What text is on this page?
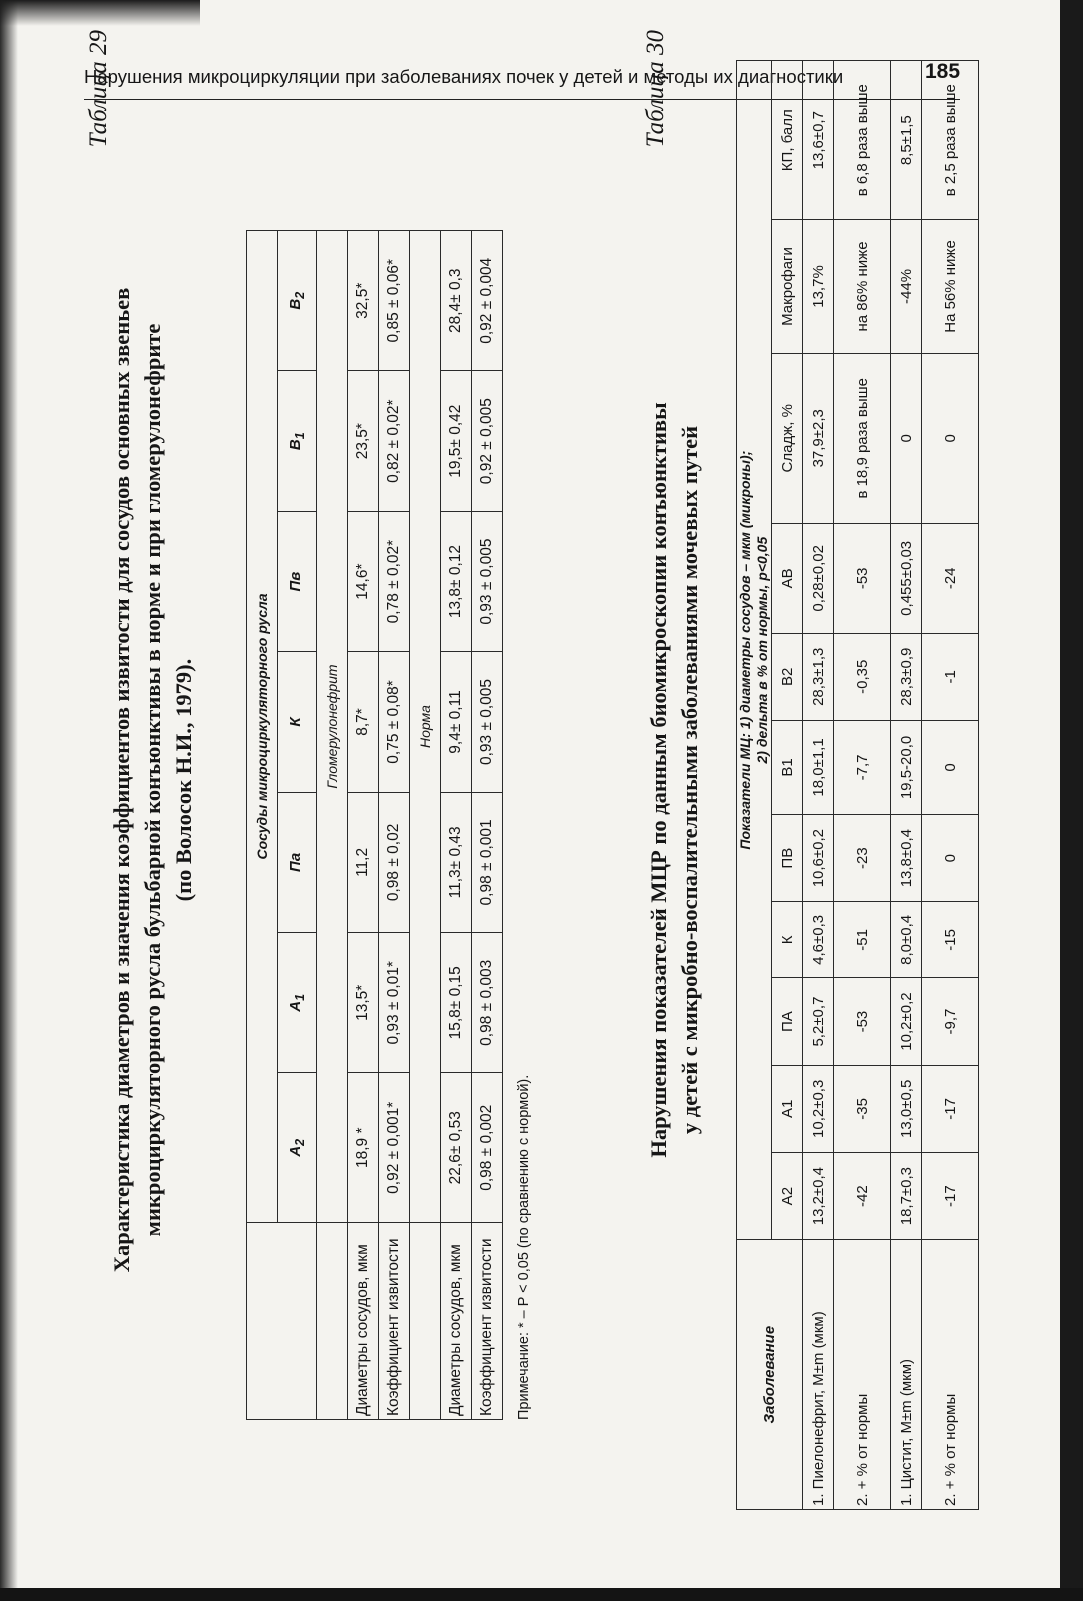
Нарушения микроциркуляции при заболеваниях почек у детей и методы их диагностики	185
Таблица 29
Характеристика диаметров и значения коэффициентов извитости для сосудов основных звеньев микроциркуляторного русла бульбарной конъюнктивы в норме и при гломерулонефрите (по Волосок Н.И., 1979).
		Сосуды микроциркуляторного русла						
	$A_2$	$A_1$	Па	К	Пв	$B_1$	$B_2$
	Гломерулонефрит						
Диаметры сосудов, мкм	18,9 *	13,5*	11,2	8,7*	14,6*	23,5*	32,5*
Коэффициент извитости	0,92 ± 0,001*	0,93 ± 0,01*	0,98 ± 0,02	0,75 ± 0,08*	0,78 ± 0,02*	0,82 ± 0,02*	0,85 ± 0,06*
	Норма						
Диаметры сосудов, мкм	22,6± 0,53	15,8± 0,15	11,3± 0,43	9,4± 0,11	13,8± 0,12	19,5± 0,42	28,4± 0,3
Коэффициент извитости	0,98 ± 0,002	0,98 ± 0,003	0,98 ± 0,001	0,93 ± 0,005	0,93 ± 0,005	0,92 ± 0,005	0,92 ± 0,004
Примечание: * – P < 0,05 (по сравнению с нормой).
Таблица 30
Нарушения показателей МЦР по данным биомикроскопии конъюнктивы у детей с микробно-воспалительными заболеваниями мочевых путей
Заболевание	Показатели МЦ: 1) диаметры сосудов – мкм (микроны); 2) дельта в % от нормы, p<0,05										

	А2	А1	ПА	К	ПВ	В1	В2	АВ	Сладж, %	Макрофаги	КП, балл
1. Пиелонефрит, M±m (мкм)	13,2±0,4	10,2±0,3	5,2±0,7	4,6±0,3	10,6±0,2	18,0±1,1	28,3±1,3	0,28±0,02	37,9±2,3	13,7%	13,6±0,7
2. + % от нормы	-42	-35	-53	-51	-23	-7,7	-0,35	-53	в 18,9 раза выше	на 86% ниже	в 6,8 раза выше
1. Цистит, M±m (мкм)	18,7±0,3	13,0±0,5	10,2±0,2	8,0±0,4	13,8±0,4	19,5-20,0	28,3±0,9	0,455±0,03	0	-44%	8,5±1,5
2. + % от нормы	-17	-17	-9,7	-15	0	0	-1	-24	0	На 56% ниже	в 2,5 раза выше
